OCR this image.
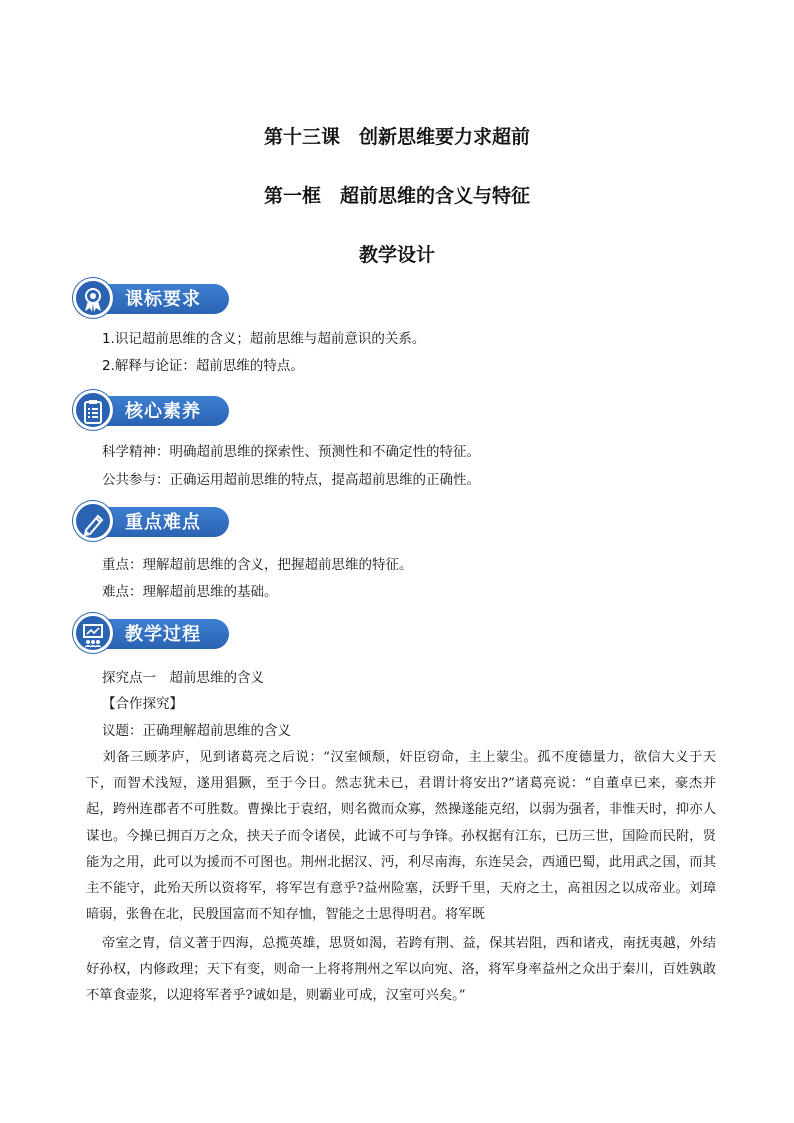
第十三课　创新思维要力求超前
第一框　超前思维的含义与特征
教学设计
课标要求
1.识记超前思维的含义；超前思维与超前意识的关系。
2.解释与论证：超前思维的特点。
核心素养
科学精神：明确超前思维的探索性、预测性和不确定性的特征。
公共参与：正确运用超前思维的特点，提高超前思维的正确性。
重点难点
重点：理解超前思维的含义，把握超前思维的特征。
难点：理解超前思维的基础。
教学过程
探究点一　超前思维的含义
【合作探究】
议题：正确理解超前思维的含义
刘备三顾茅庐，见到诸葛亮之后说：“汉室倾颓，奸臣窃命，主上蒙尘。孤不度德量力，欲信大义于天下，而智术浅短，遂用猖獗，至于今日。然志犹未已，君谓计将安出?”诸葛亮说：“自董卓已来，豪杰并起，跨州连郡者不可胜数。曹操比于袁绍，则名微而众寡，然操遂能克绍，以弱为强者，非惟天时，抑亦人谋也。今操已拥百万之众，挟天子而令诸侯，此诚不可与争锋。孙权据有江东，已历三世，国险而民附，贤能为之用，此可以为援而不可图也。荆州北据汉、沔，利尽南海，东连吴会，西通巴蜀，此用武之国，而其主不能守，此殆天所以资将军，将军岂有意乎?益州险塞，沃野千里，天府之土，高祖因之以成帝业。刘璋暗弱，张鲁在北，民殷国富而不知存恤，智能之士思得明君。将军既
帝室之胄，信义著于四海，总揽英雄，思贤如渴，若跨有荆、益，保其岩阻，西和诸戎，南抚夷越，外结好孙权，内修政理；天下有变，则命一上将将荆州之军以向宛、洛，将军身率益州之众出于秦川，百姓孰敢不箪食壶浆，以迎将军者乎?诚如是，则霸业可成，汉室可兴矣。”
